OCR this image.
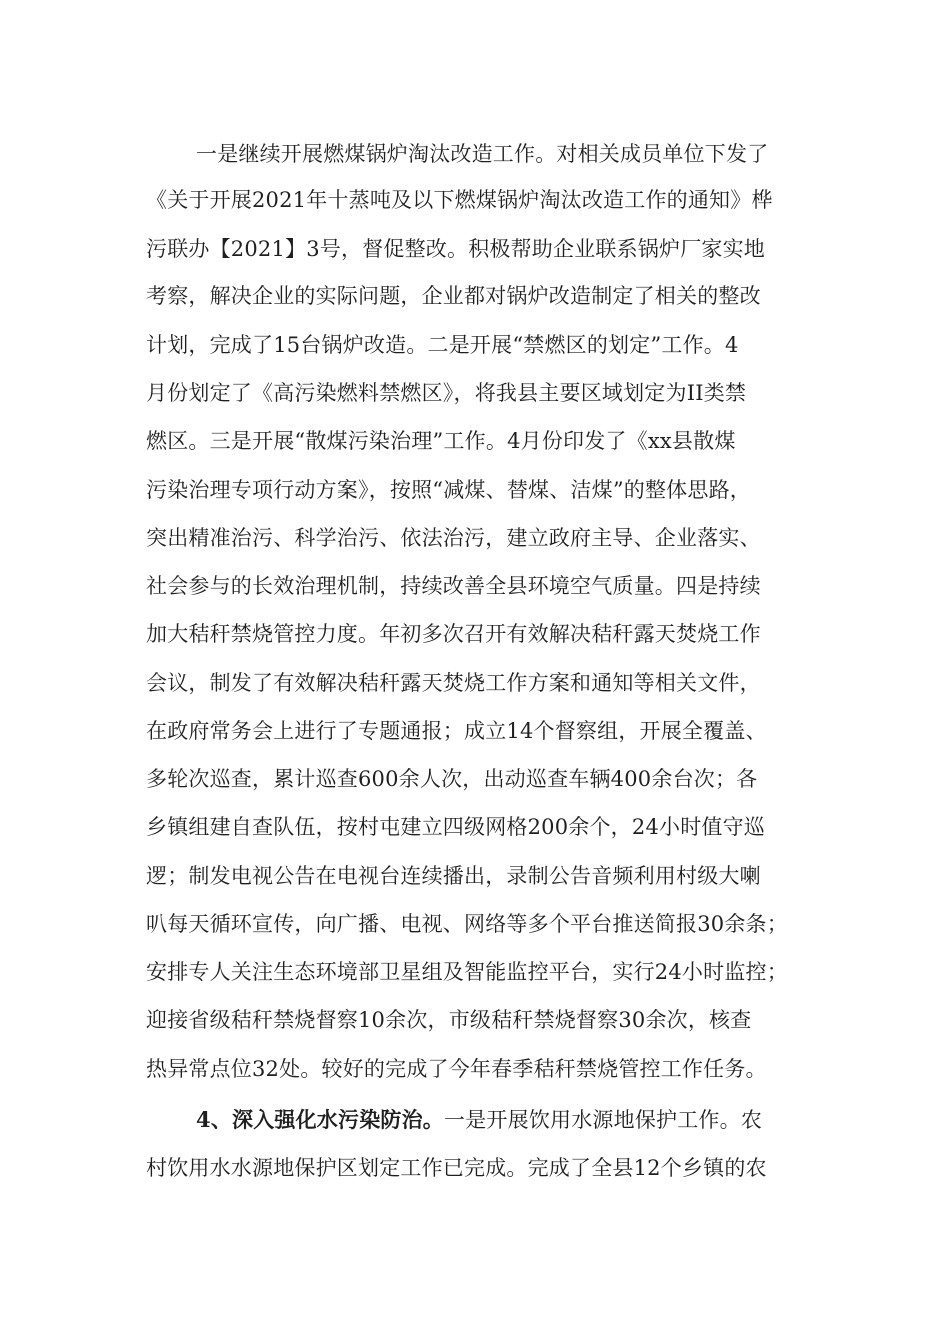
一是继续开展燃煤锅炉淘汰改造工作。对相关成员单位下发了
《关于开展2021年十蒸吨及以下燃煤锅炉淘汰改造工作的通知》桦
污联办【2021】3号，督促整改。积极帮助企业联系锅炉厂家实地
考察，解决企业的实际问题，企业都对锅炉改造制定了相关的整改
计划，完成了15台锅炉改造。二是开展“禁燃区的划定”工作。4
月份划定了《高污染燃料禁燃区》，将我县主要区域划定为II类禁
燃区。三是开展“散煤污染治理”工作。4月份印发了《xx县散煤
污染治理专项行动方案》，按照“减煤、替煤、洁煤”的整体思路，
突出精准治污、科学治污、依法治污，建立政府主导、企业落实、
社会参与的长效治理机制，持续改善全县环境空气质量。四是持续
加大秸秆禁烧管控力度。年初多次召开有效解决秸秆露天焚烧工作
会议，制发了有效解决秸秆露天焚烧工作方案和通知等相关文件，
在政府常务会上进行了专题通报；成立14个督察组，开展全覆盖、
多轮次巡查，累计巡查600余人次，出动巡查车辆400余台次；各
乡镇组建自查队伍，按村屯建立四级网格200余个，24小时值守巡
逻；制发电视公告在电视台连续播出，录制公告音频利用村级大喇
叭每天循环宣传，向广播、电视、网络等多个平台推送简报30余条；
安排专人关注生态环境部卫星组及智能监控平台，实行24小时监控；
迎接省级秸秆禁烧督察10余次，市级秸秆禁烧督察30余次，核查
热异常点位32处。较好的完成了今年春季秸秆禁烧管控工作任务。
4、深入强化水污染防治。一是开展饮用水源地保护工作。农
村饮用水水源地保护区划定工作已完成。完成了全县12个乡镇的农
